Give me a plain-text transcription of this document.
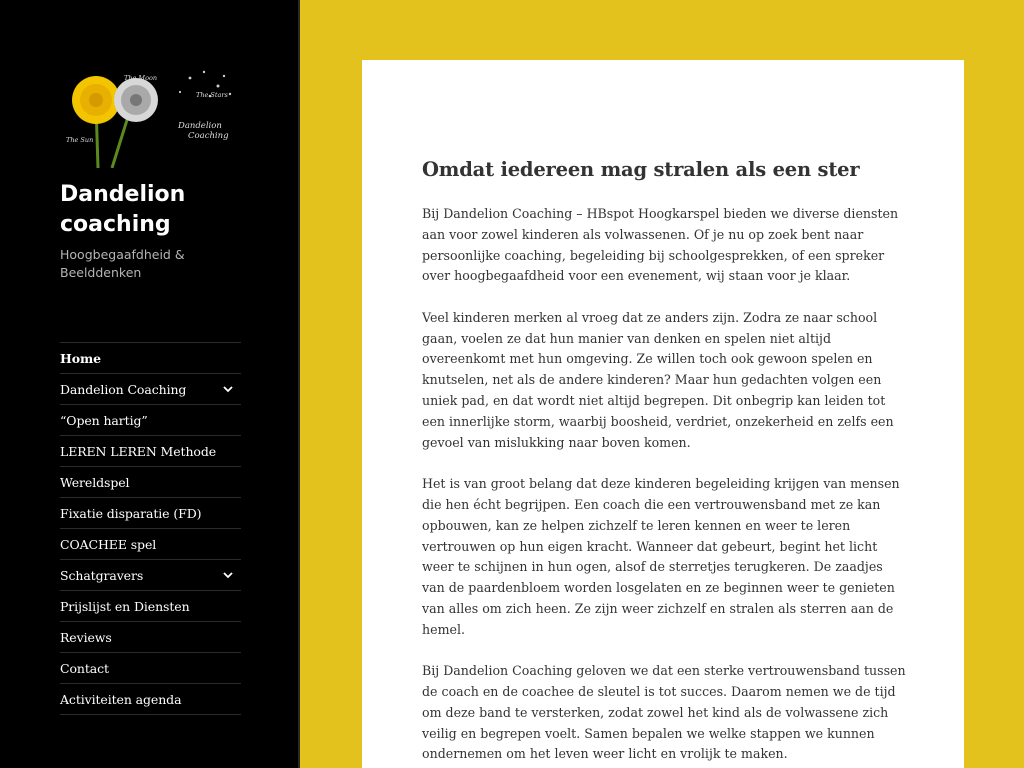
The Moon
The Stars
The Sun
Dandelion
Coaching
Dandelion coaching
Hoogbegaafdheid & Beelddenken
Home
Dandelion Coaching
“Open hartig”
LEREN LEREN Methode
Wereldspel
Fixatie disparatie (FD)
COACHEE spel
Schatgravers
Prijslijst en Diensten
Reviews
Contact
Activiteiten agenda
Omdat iedereen mag stralen als een ster

Bij Dandelion Coaching – HBspot Hoogkarspel bieden we diverse diensten aan voor zowel kinderen als volwassenen. Of je nu op zoek bent naar persoonlijke coaching, begeleiding bij schoolgesprekken, of een spreker over hoogbegaafdheid voor een evenement, wij staan voor je klaar.

Veel kinderen merken al vroeg dat ze anders zijn. Zodra ze naar school gaan, voelen ze dat hun manier van denken en spelen niet altijd overeenkomt met hun omgeving. Ze willen toch ook gewoon spelen en knutselen, net als de andere kinderen? Maar hun gedachten volgen een uniek pad, en dat wordt niet altijd begrepen. Dit onbegrip kan leiden tot een innerlijke storm, waarbij boosheid, verdriet, onzekerheid en zelfs een gevoel van mislukking naar boven komen.

Het is van groot belang dat deze kinderen begeleiding krijgen van mensen die hen écht begrijpen. Een coach die een vertrouwensband met ze kan opbouwen, kan ze helpen zichzelf te leren kennen en weer te leren vertrouwen op hun eigen kracht. Wanneer dat gebeurt, begint het licht weer te schijnen in hun ogen, alsof de sterretjes terugkeren. De zaadjes van de paardenbloem worden losgelaten en ze beginnen weer te genieten van alles om zich heen. Ze zijn weer zichzelf en stralen als sterren aan de hemel.

Bij Dandelion Coaching geloven we dat een sterke vertrouwensband tussen de coach en de coachee de sleutel is tot succes. Daarom nemen we de tijd om deze band te versterken, zodat zowel het kind als de volwassene zich veilig en begrepen voelt. Samen bepalen we welke stappen we kunnen ondernemen om het leven weer licht en vrolijk te maken.
